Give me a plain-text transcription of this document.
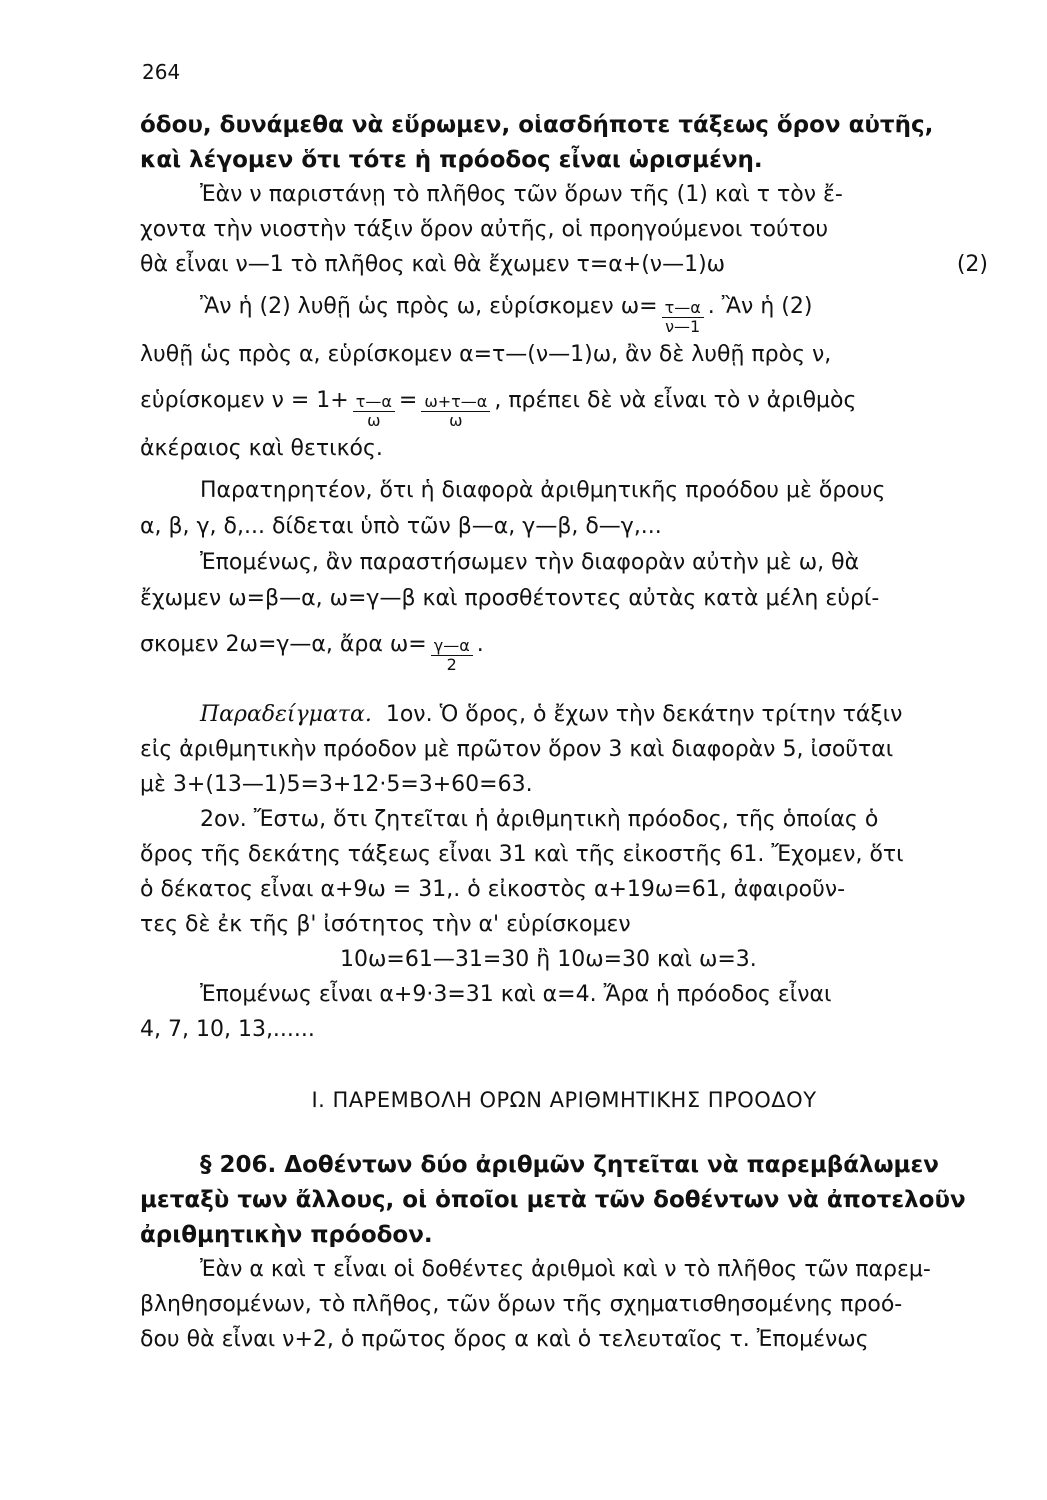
264
όδου, δυνάμεθα νὰ εὕρωμεν, οἱασδήποτε τάξεως ὅρον αὐτῆς,
καὶ λέγομεν ὅτι τότε ἡ πρόοδος εἶναι ὡρισμένη.
Ἐὰν ν παριστάνῃ τὸ πλῆθος τῶν ὅρων τῆς (1) καὶ τ τὸν ἔ-
χοντα τὴν νιοστὴν τάξιν ὅρον αὐτῆς, οἱ προηγούμενοι τούτου
θὰ εἶναι ν—1 τὸ πλῆθος καὶ θὰ ἔχωμεν τ=α+(ν—1)ω	(2)
Ἂν ἡ (2) λυθῇ ὡς πρὸς ω, εὑρίσκομεν $\omega= \frac{\tau—\alpha}{\nu—1}$ . Ἂν ἡ (2)
λυθῇ ὡς πρὸς α, εὑρίσκομεν α=τ—(ν—1)ω, ἂν δὲ λυθῇ πρὸς ν,
εὑρίσκομεν $\nu = 1+ \frac{\tau—\alpha}{\omega} = \frac{\omega+\tau—\alpha}{\omega}$ , πρέπει δὲ νὰ εἶναι τὸ ν ἀριθμὸς
ἀκέραιος καὶ θετικός.
Παρατηρητέον, ὅτι ἡ διαφορὰ ἀριθμητικῆς προόδου μὲ ὅρους
α, β, γ, δ,... δίδεται ὑπὸ τῶν β—α, γ—β, δ—γ,...
Ἐπομένως, ἂν παραστήσωμεν τὴν διαφορὰν αὐτὴν μὲ ω, θὰ
ἔχωμεν ω=β—α, ω=γ—β καὶ προσθέτοντες αὐτὰς κατὰ μέλη εὑρί-
σκομεν 2ω=γ—α, ἄρα $\omega= \frac{\gamma—\alpha}{2}$ .
Παραδείγματα. 1ον. Ὁ ὅρος, ὁ ἔχων τὴν δεκάτην τρίτην τάξιν
εἰς ἀριθμητικὴν πρόοδον μὲ πρῶτον ὅρον 3 καὶ διαφορὰν 5, ἰσοῦται
μὲ 3+(13—1)5=3+12·5=3+60=63.
2ον. Ἔστω, ὅτι ζητεῖται ἡ ἀριθμητικὴ πρόοδος, τῆς ὁποίας ὁ
ὅρος τῆς δεκάτης τάξεως εἶναι 31 καὶ τῆς εἰκοστῆς 61. Ἔχομεν, ὅτι
ὁ δέκατος εἶναι α+9ω = 31,. ὁ εἰκοστὸς α+19ω=61, ἀφαιροῦν-
τες δὲ ἐκ τῆς β' ἰσότητος τὴν α' εὑρίσκομεν
10ω=61—31=30 ἢ 10ω=30 καὶ ω=3.
Ἐπομένως εἶναι α+9·3=31 καὶ α=4. Ἄρα ἡ πρόοδος εἶναι
4, 7, 10, 13,......
Ι. ΠΑΡΕΜΒΟΛΗ ΟΡΩΝ ΑΡΙΘΜΗΤΙΚΗΣ ΠΡΟΟΔΟΥ
§ 206. Δοθέντων δύο ἀριθμῶν ζητεῖται νὰ παρεμβάλωμεν
μεταξὺ των ἄλλους, οἱ ὁποῖοι μετὰ τῶν δοθέντων νὰ ἀποτελοῦν
ἀριθμητικὴν πρόοδον.
Ἐὰν α καὶ τ εἶναι οἱ δοθέντες ἀριθμοὶ καὶ ν τὸ πλῆθος τῶν παρεμ-
βληθησομένων, τὸ πλῆθος, τῶν ὅρων τῆς σχηματισθησομένης προό-
δου θὰ εἶναι ν+2, ὁ πρῶτος ὅρος α καὶ ὁ τελευταῖος τ. Ἐπομένως
